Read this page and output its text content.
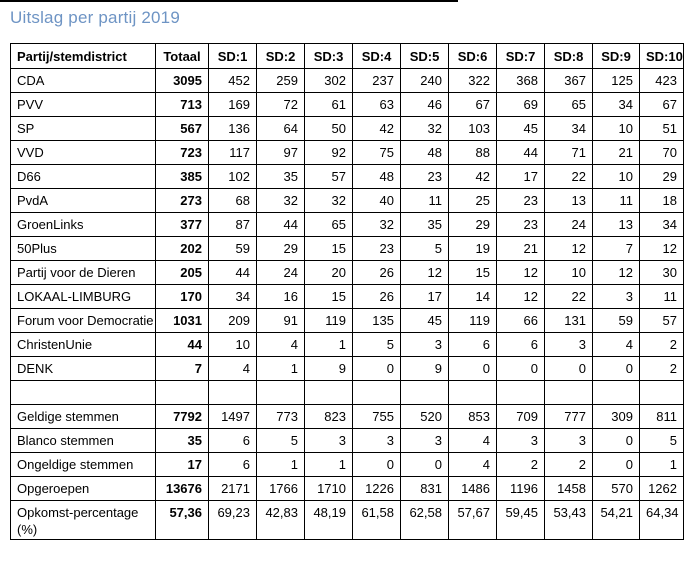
Uitslag per partij 2019
Partij/stemdistrict	Totaal	SD:1	SD:2	SD:3	SD:4	SD:5	SD:6	SD:7	SD:8	SD:9	SD:10
CDA	3095	452	259	302	237	240	322	368	367	125	423
PVV	713	169	72	61	63	46	67	69	65	34	67
SP	567	136	64	50	42	32	103	45	34	10	51
VVD	723	117	97	92	75	48	88	44	71	21	70
D66	385	102	35	57	48	23	42	17	22	10	29
PvdA	273	68	32	32	40	11	25	23	13	11	18
GroenLinks	377	87	44	65	32	35	29	23	24	13	34
50Plus	202	59	29	15	23	5	19	21	12	7	12
Partij voor de Dieren	205	44	24	20	26	12	15	12	10	12	30
LOKAAL-LIMBURG	170	34	16	15	26	17	14	12	22	3	11
Forum voor Democratie	1031	209	91	119	135	45	119	66	131	59	57
ChristenUnie	44	10	4	1	5	3	6	6	3	4	2
DENK	7	4	1	9	0	9	0	0	0	0	2

Geldige stemmen	7792	1497	773	823	755	520	853	709	777	309	811
Blanco stemmen	35	6	5	3	3	3	4	3	3	0	5
Ongeldige stemmen	17	6	1	1	0	0	4	2	2	0	1
Opgeroepen	13676	2171	1766	1710	1226	831	1486	1196	1458	570	1262
Opkomst-percentage (%)	57,36	69,23	42,83	48,19	61,58	62,58	57,67	59,45	53,43	54,21	64,34
